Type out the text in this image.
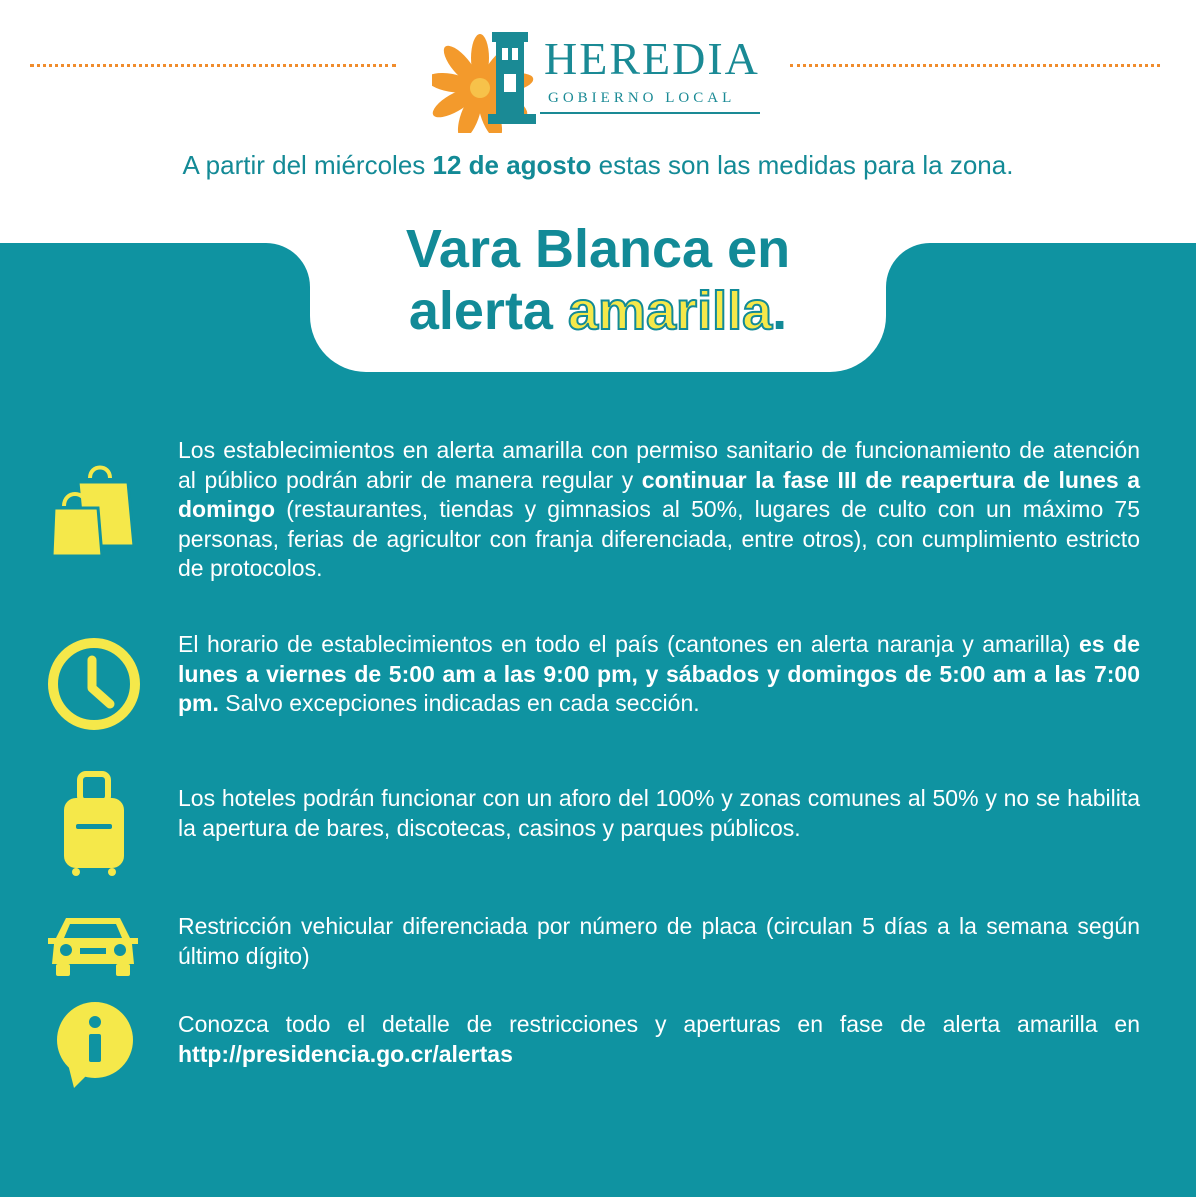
HEREDIA
GOBIERNO LOCAL
A partir del miércoles 12 de agosto estas son las medidas para la zona.
Vara Blanca en
alerta amarilla.
Los establecimientos en alerta amarilla con permiso sanitario de funcionamiento de atención al público podrán abrir de manera regular y continuar la fase III de reapertura de lunes a domingo (restaurantes, tiendas y gimnasios al 50%, lugares de culto con un máximo 75 personas, ferias de agricultor con franja diferenciada, entre otros), con cumplimiento estricto de protocolos.
El horario de establecimientos en todo el país (cantones en alerta naranja y amarilla) es de lunes a viernes de 5:00 am a las 9:00 pm, y sábados y domingos de 5:00 am a las 7:00 pm. Salvo excepciones indicadas en cada sección.
Los hoteles podrán funcionar con un aforo del 100% y zonas comunes al 50% y no se habilita la apertura de bares, discotecas, casinos y parques públicos.
Restricción vehicular diferenciada por número de placa (circulan 5 días a la semana según último dígito)
Conozca todo el detalle de restricciones y aperturas en fase de alerta amarilla en http://presidencia.go.cr/alertas
